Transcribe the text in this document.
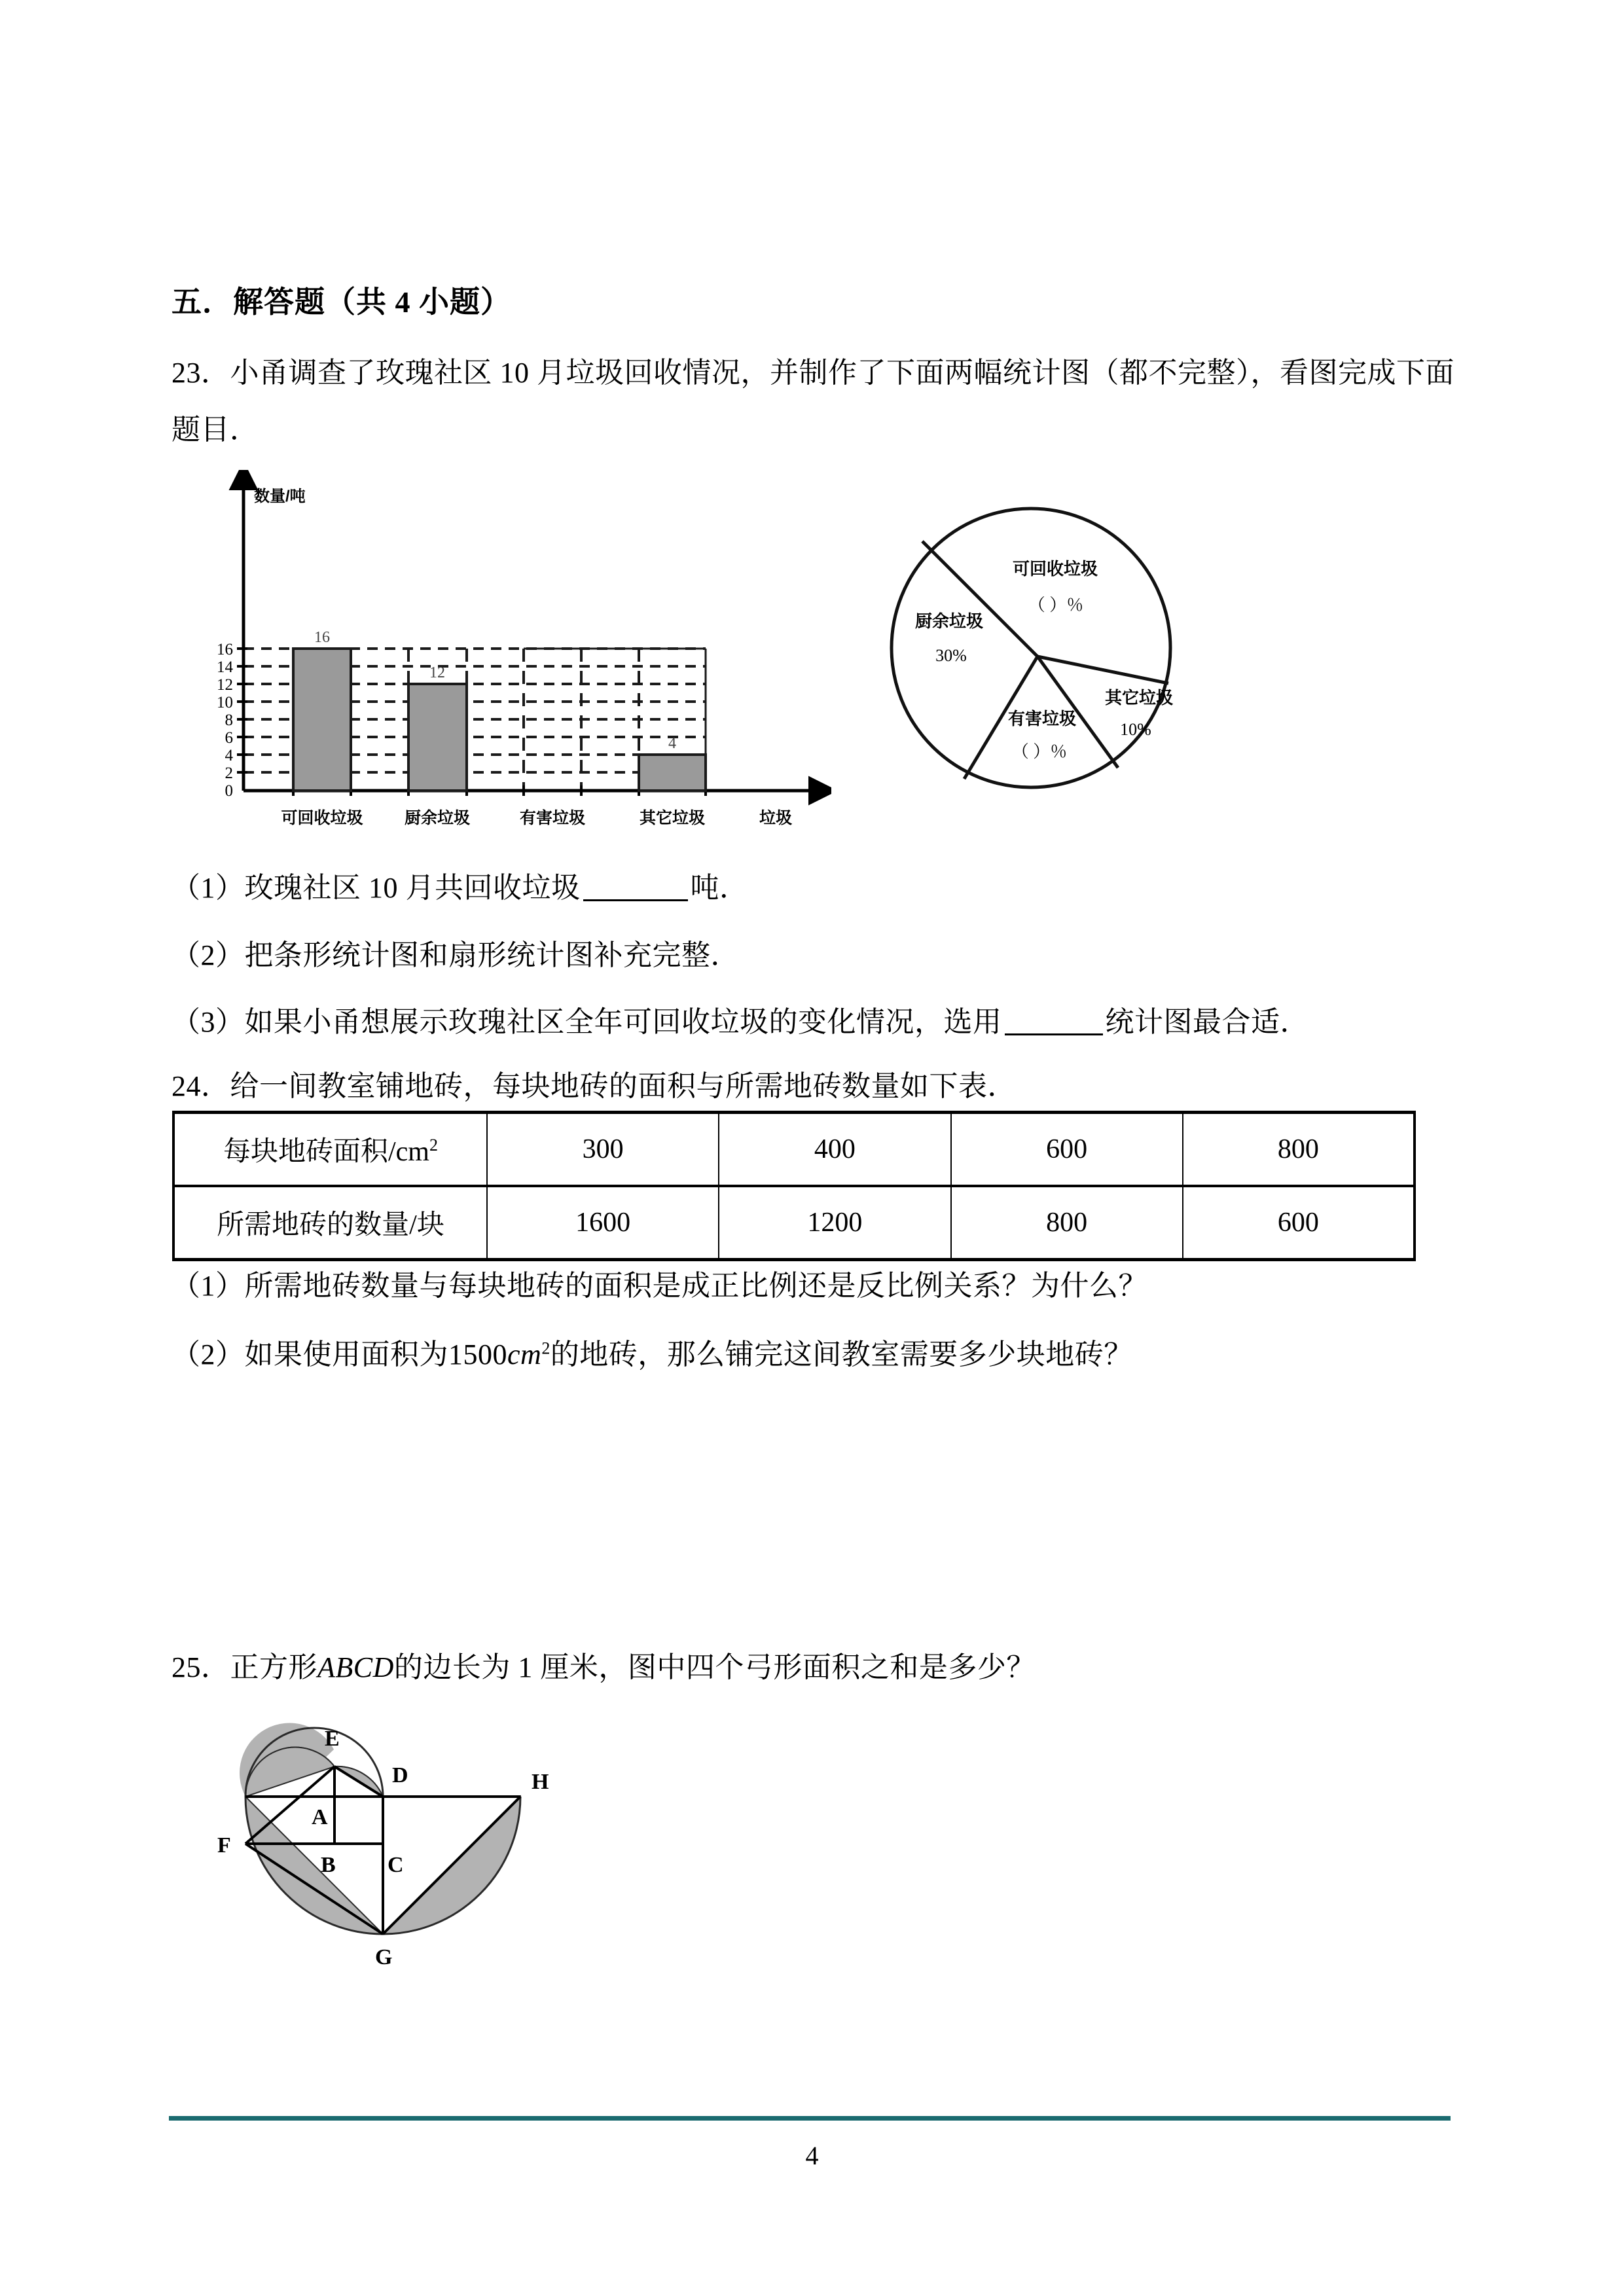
五．解答题（共 4 小题）
23．小甬调查了玫瑰社区 10 月垃圾回收情况，并制作了下面两幅统计图（都不完整），看图完成下面
题目．
数量/吨
0
2
4
6
8
10
12
14
16
16
12
4
可回收垃圾	厨余垃圾	有害垃圾	其它垃圾	垃圾
可回收垃圾
（ ）％
厨余垃圾
30%
有害垃圾
（ ）％
其它垃圾
10%
（1）玫瑰社区 10 月共回收垃圾	吨．
（2）把条形统计图和扇形统计图补充完整．
（3）如果小甬想展示玫瑰社区全年可回收垃圾的变化情况，选用	统计图最合适．
24．给一间教室铺地砖，每块地砖的面积与所需地砖数量如下表．
每块地砖面积$/cm^2$	300	400	600	800
所需地砖的数量/块	1600	1200	800	600
（1）所需地砖数量与每块地砖的面积是成正比例还是反比例关系？为什么？
（2）如果使用面积为$1500cm^2$的地砖，那么铺完这间教室需要多少块地砖？
25．正方形ABCD的边长为 1 厘米，图中四个弓形面积之和是多少？
E
D	H
A
F
B C
G
4
